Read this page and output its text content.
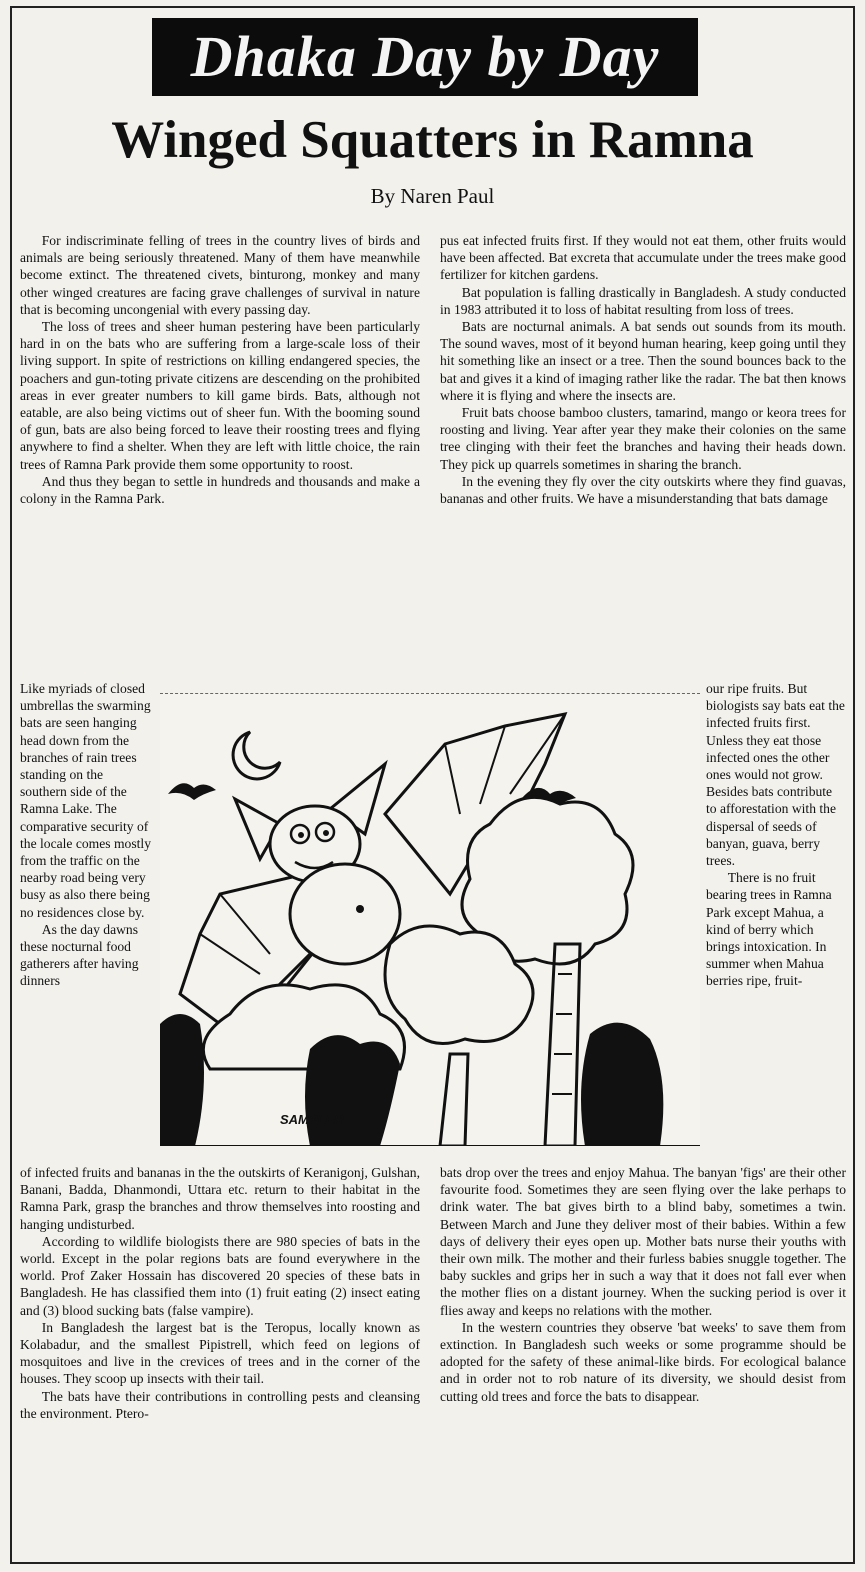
Dhaka Day by Day
Winged Squatters in Ramna
By Naren Paul

For indiscriminate felling of trees in the country lives of birds and animals are being seriously threatened. Many of them have meanwhile become extinct. The threatened civets, binturong, monkey and many other winged creatures are facing grave challenges of survival in nature that is becoming uncongenial with every passing day.

The loss of trees and sheer human pestering have been particularly hard in on the bats who are suffering from a large-scale loss of their living support. In spite of restrictions on killing endangered species, the poachers and gun-toting private citizens are descending on the prohibited areas in ever greater numbers to kill game birds. Bats, although not eatable, are also being victims out of sheer fun. With the booming sound of gun, bats are also being forced to leave their roosting trees and flying anywhere to find a shelter. When they are left with little choice, the rain trees of Ramna Park provide them some opportunity to roost.

And thus they began to settle in hundreds and thousands and make a colony in the Ramna Park.

pus eat infected fruits first. If they would not eat them, other fruits would have been affected. Bat excreta that accumulate under the trees make good fertilizer for kitchen gardens.

Bat population is falling drastically in Bangladesh. A study conducted in 1983 attributed it to loss of habitat resulting from loss of trees.

Bats are nocturnal animals. A bat sends out sounds from its mouth. The sound waves, most of it beyond human hearing, keep going until they hit something like an insect or a tree. Then the sound bounces back to the bat and gives it a kind of imaging rather like the radar. The bat then knows where it is flying and where the insects are.

Fruit bats choose bamboo clusters, tamarind, mango or keora trees for roosting and living. Year after year they make their colonies on the same tree clinging with their feet the branches and having their heads down. They pick up quarrels sometimes in sharing the branch.

In the evening they fly over the city outskirts where they find guavas, bananas and other fruits. We have a misunderstanding that bats damage

Like myriads of closed umbrellas the swarming bats are seen hanging head down from the branches of rain trees standing on the southern side of the Ramna Lake. The comparative security of the locale comes mostly from the traffic on the nearby road being very busy as also there being no residences close by.

As the day dawns these nocturnal food gatherers after having dinners

our ripe fruits. But biologists say bats eat the infected fruits first. Unless they eat those infected ones the other ones would not grow. Besides bats contribute to afforestation with the dispersal of seeds of banyan, guava, berry trees.

There is no fruit bearing trees in Ramna Park except Mahua, a kind of berry which brings intoxication. In summer when Mahua berries ripe, fruit-

SAMPLER

of infected fruits and bananas in the the outskirts of Keranigonj, Gulshan, Banani, Badda, Dhanmondi, Uttara etc. return to their habitat in the Ramna Park, grasp the branches and throw themselves into roosting and hanging undisturbed.

According to wildlife biologists there are 980 species of bats in the world. Except in the polar regions bats are found everywhere in the world. Prof Zaker Hossain has discovered 20 species of these bats in Bangladesh. He has classified them into (1) fruit eating (2) insect eating and (3) blood sucking bats (false vampire).

In Bangladesh the largest bat is the Teropus, locally known as Kolabadur, and the smallest Pipistrell, which feed on legions of mosquitoes and live in the crevices of trees and in the corner of the houses. They scoop up insects with their tail.

The bats have their contributions in controlling pests and cleansing the environment. Ptero-

bats drop over the trees and enjoy Mahua. The banyan 'figs' are their other favourite food. Sometimes they are seen flying over the lake perhaps to drink water. The bat gives birth to a blind baby, sometimes a twin. Between March and June they deliver most of their babies. Within a few days of delivery their eyes open up. Mother bats nurse their youths with their own milk. The mother and their furless babies snuggle together. The baby suckles and grips her in such a way that it does not fall ever when the mother flies on a distant journey. When the sucking period is over it flies away and keeps no relations with the mother.

In the western countries they observe 'bat weeks' to save them from extinction. In Bangladesh such weeks or some programme should be adopted for the safety of these animal-like birds. For ecological balance and in order not to rob nature of its diversity, we should desist from cutting old trees and force the bats to disappear.
